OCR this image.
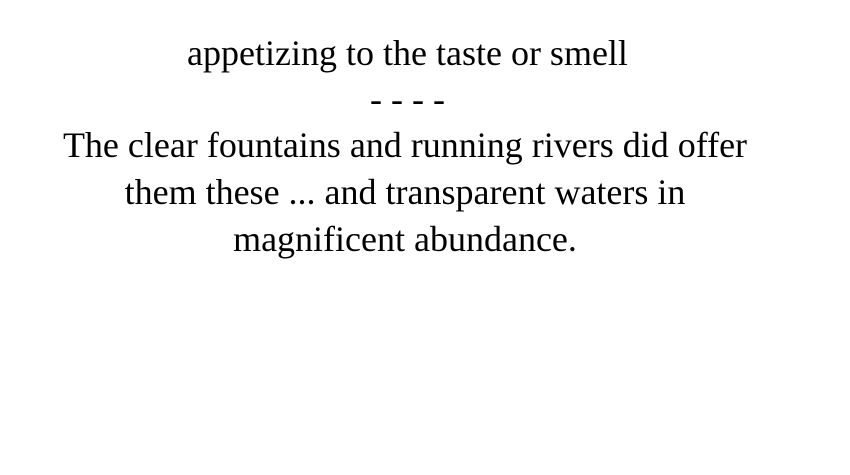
appetizing to the taste or smell
- - - -
The clear fountains and running rivers did offer them these ... and transparent waters in magnificent abundance.
